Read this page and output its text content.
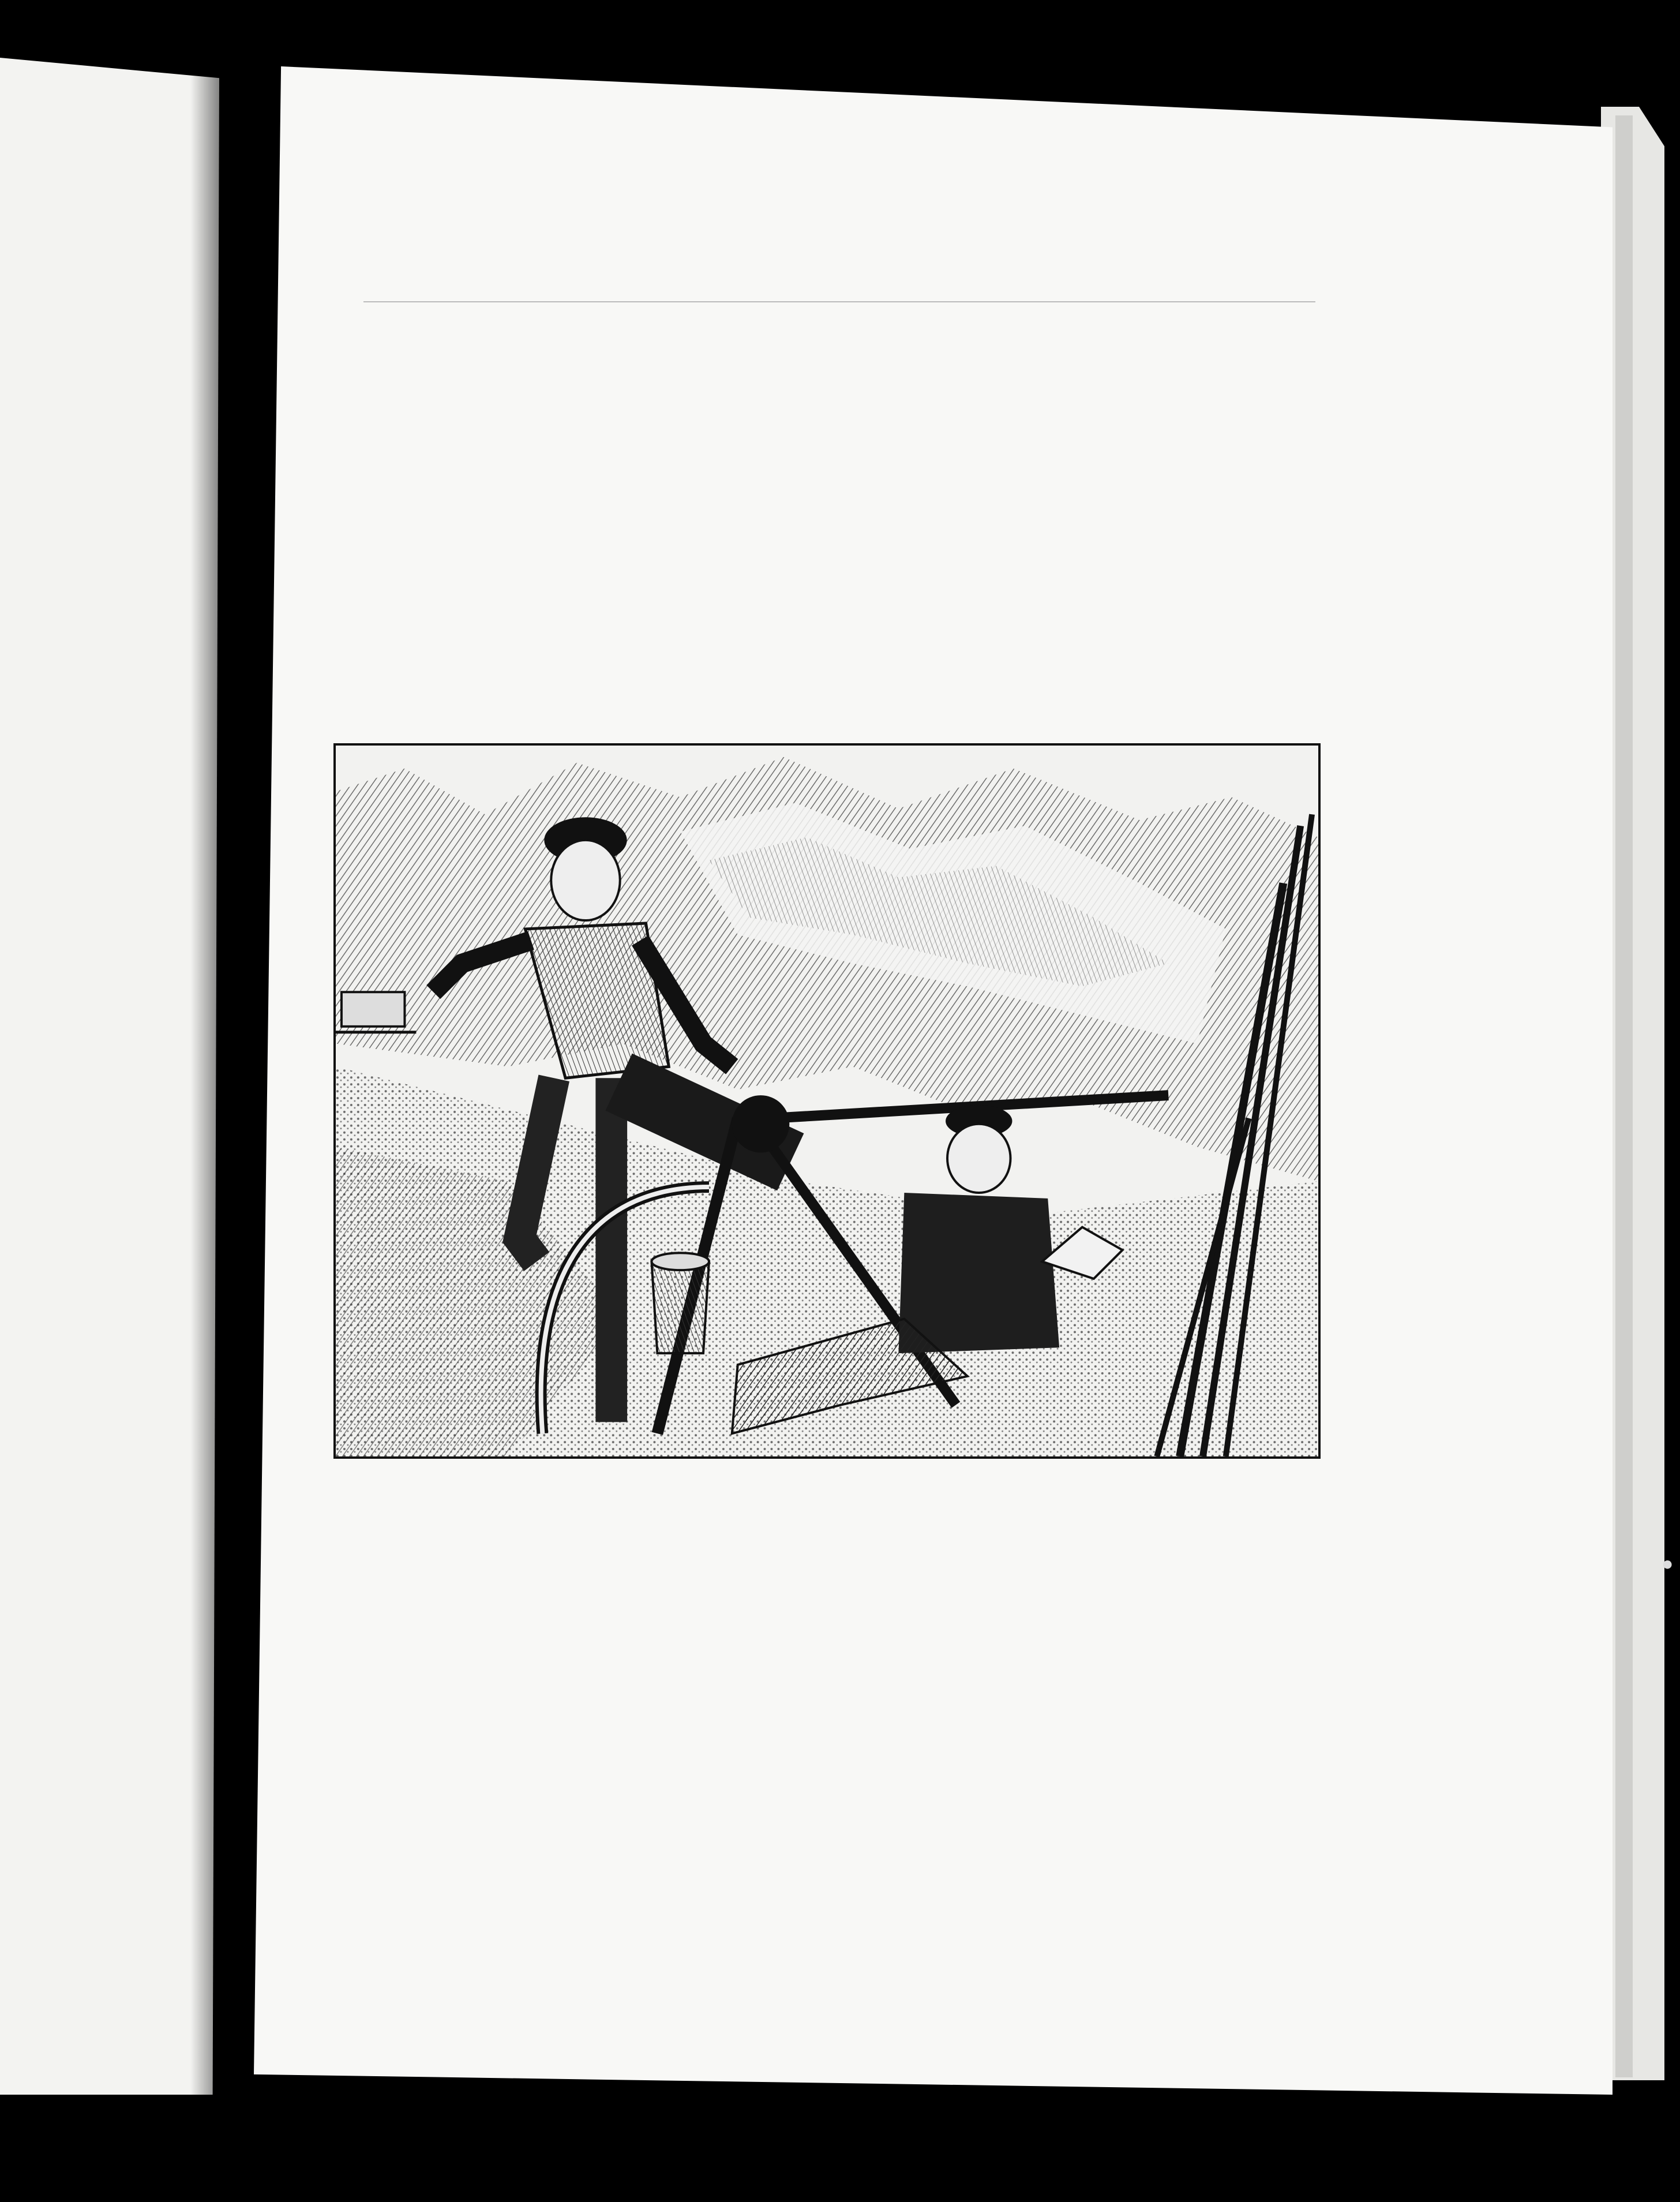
●
